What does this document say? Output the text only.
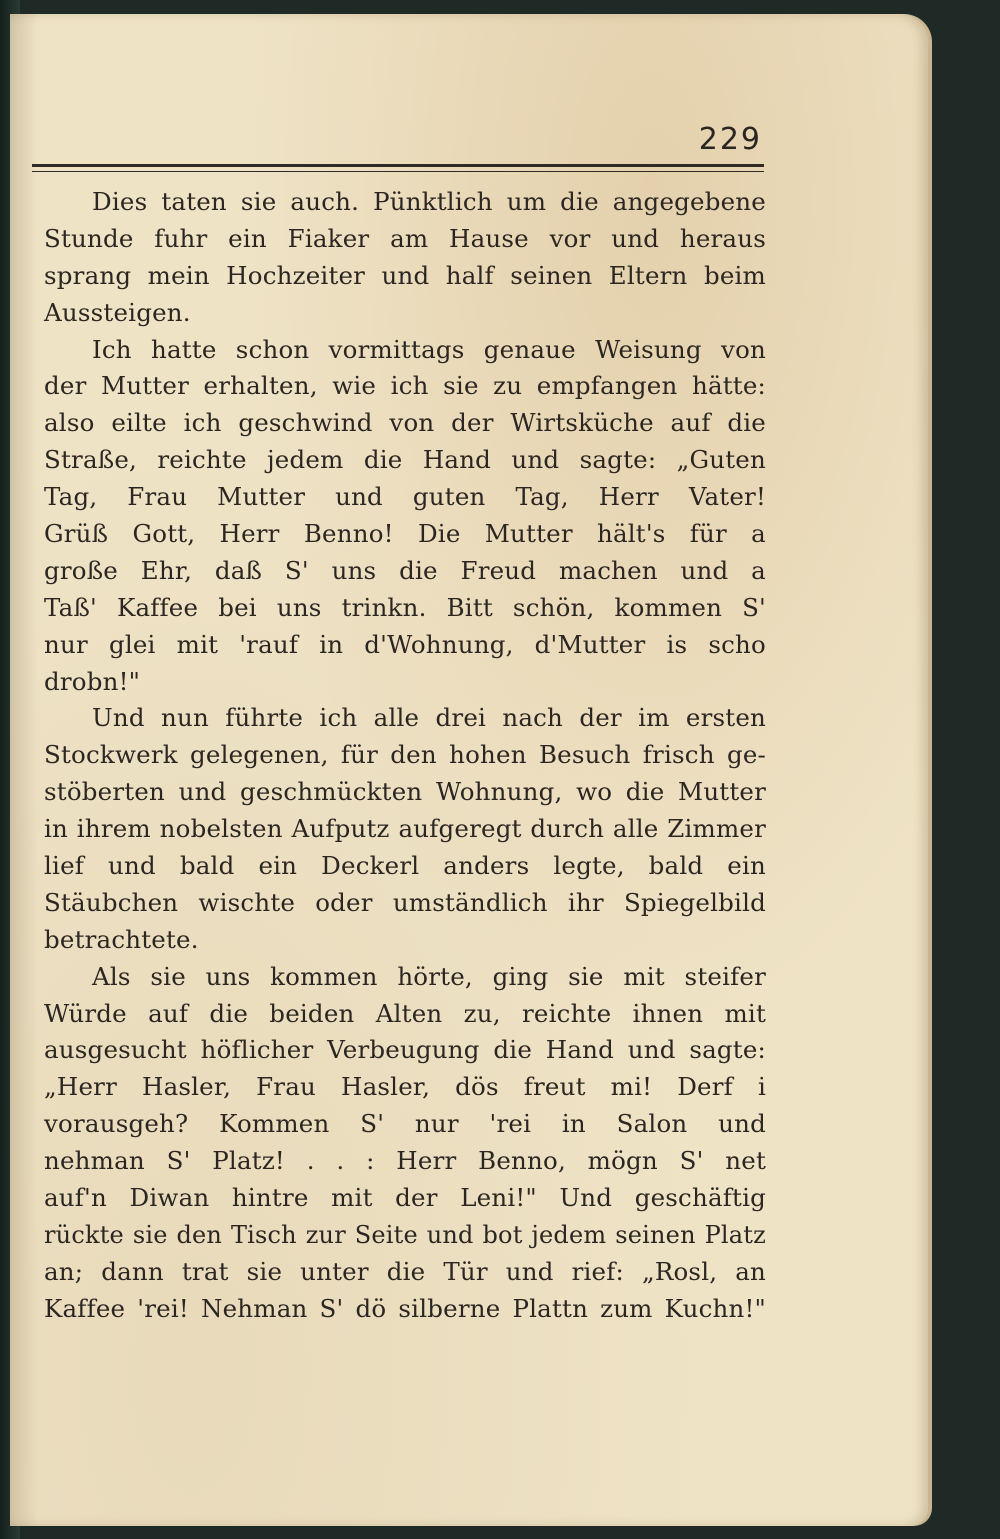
229
Dies taten sie auch. Pünktlich um die angegebene
Stunde fuhr ein Fiaker am Hause vor und heraus
sprang mein Hochzeiter und half seinen Eltern beim
Aussteigen.
Ich hatte schon vormittags genaue Weisung von
der Mutter erhalten, wie ich sie zu empfangen hätte:
also eilte ich geschwind von der Wirtsküche auf die
Straße, reichte jedem die Hand und sagte: „Guten
Tag, Frau Mutter und guten Tag, Herr Vater!
Grüß Gott, Herr Benno! Die Mutter hält's für a
große Ehr, daß S' uns die Freud machen und a
Taß' Kaffee bei uns trinkn. Bitt schön, kommen S'
nur glei mit 'rauf in d'Wohnung, d'Mutter is scho
drobn!"
Und nun führte ich alle drei nach der im ersten
Stockwerk gelegenen, für den hohen Besuch frisch ge-
stöberten und geschmückten Wohnung, wo die Mutter
in ihrem nobelsten Aufputz aufgeregt durch alle Zimmer
lief und bald ein Deckerl anders legte, bald ein
Stäubchen wischte oder umständlich ihr Spiegelbild
betrachtete.
Als sie uns kommen hörte, ging sie mit steifer
Würde auf die beiden Alten zu, reichte ihnen mit
ausgesucht höflicher Verbeugung die Hand und sagte:
„Herr Hasler, Frau Hasler, dös freut mi! Derf i
vorausgeh? Kommen S' nur 'rei in Salon und
nehman S' Platz! . . : Herr Benno, mögn S' net
auf'n Diwan hintre mit der Leni!" Und geschäftig
rückte sie den Tisch zur Seite und bot jedem seinen Platz
an; dann trat sie unter die Tür und rief: „Rosl, an
Kaffee 'rei! Nehman S' dö silberne Plattn zum Kuchn!"
